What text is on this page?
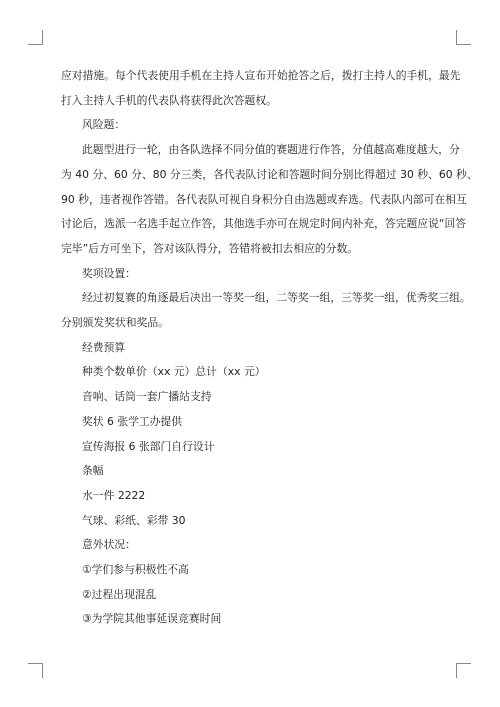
应对措施。每个代表使用手机在主持人宣布开始抢答之后，拨打主持人的手机，最先

打入主持人手机的代表队将获得此次答题权。

风险题：

此题型进行一轮，由各队选择不同分值的赛题进行作答，分值越高难度越大，分

为 40 分、60 分、80 分三类，各代表队讨论和答题时间分别比得超过 30 秒、60 秒、

90 秒，违者视作答错。各代表队可视自身积分自由选题或弃选。代表队内部可在相互

讨论后，选派一名选手起立作答，其他选手亦可在规定时间内补充，答完题应说“回答

完毕”后方可坐下，答对该队得分，答错将被扣去相应的分数。

奖项设置：

经过初复赛的角逐最后决出一等奖一组，二等奖一组，三等奖一组，优秀奖三组。

分别颁发奖状和奖品。

经费预算

种类个数单价（xx 元）总计（xx 元）

音响、话筒一套广播站支持

奖状 6 张学工办提供

宣传海报 6 张部门自行设计

条幅

水一件 2222

气球、彩纸、彩带 30

意外状况：

①学们参与积极性不高

②过程出现混乱

③为学院其他事延误竞赛时间
